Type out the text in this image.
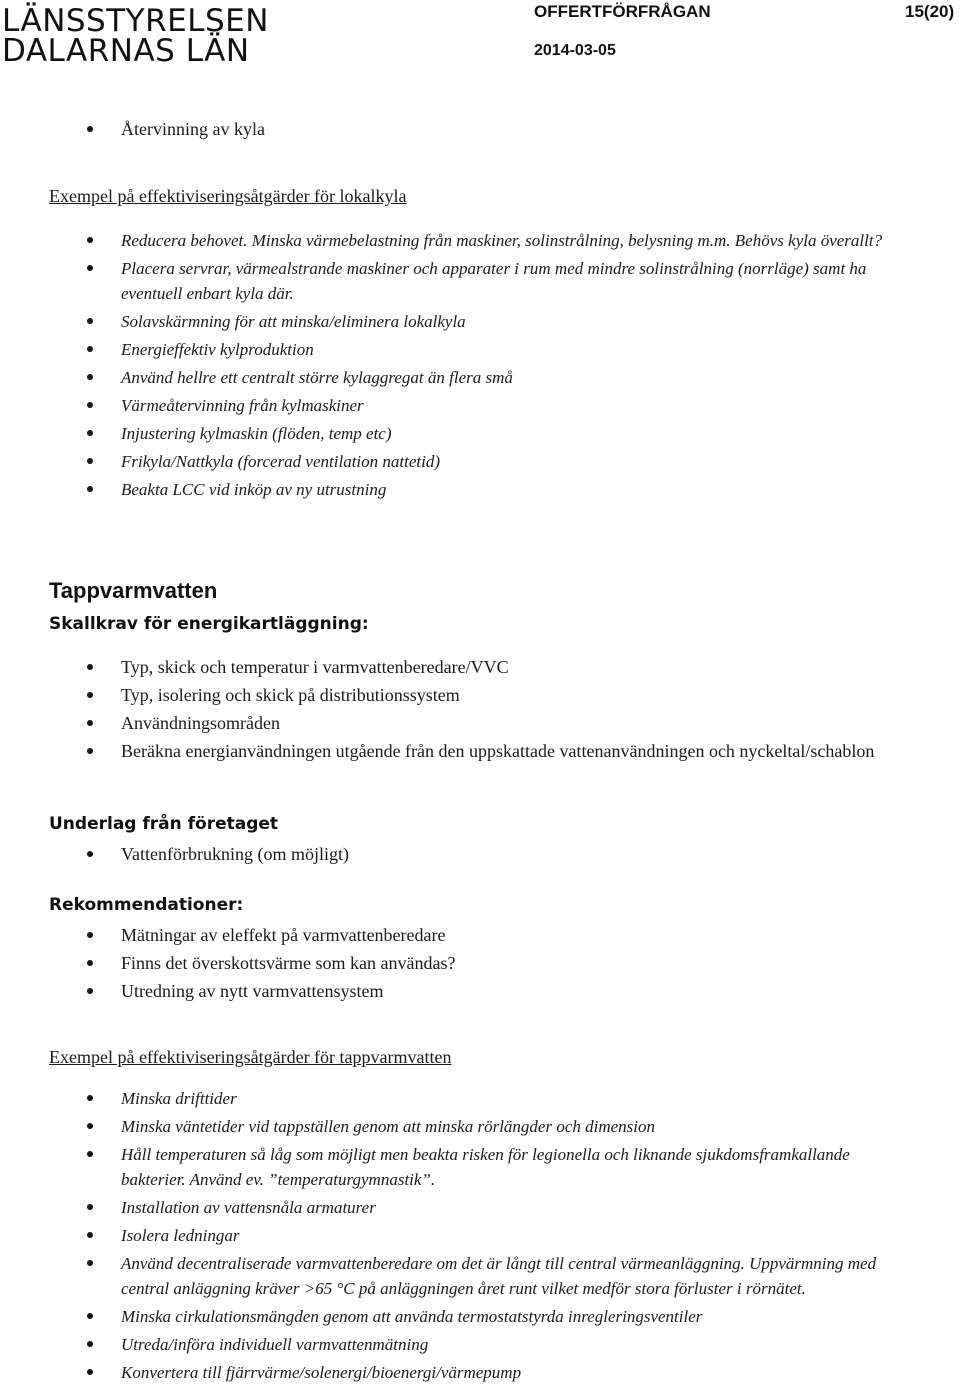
LÄNSSTYRELSEN
DALARNAS LÄN
OFFERTFÖRFRÅGAN	15(20)
2014-03-05
Återvinning av kyla
Exempel på effektiviseringsåtgärder för lokalkyla
Reducera behovet. Minska värmebelastning från maskiner, solinstrålning, belysning m.m. Behövs kyla överallt?
Placera servrar, värmealstrande maskiner och apparater i rum med mindre solinstrålning (norrläge) samt ha eventuell enbart kyla där.
Solavskärmning för att minska/eliminera lokalkyla
Energieffektiv kylproduktion
Använd hellre ett centralt större kylaggregat än flera små
Värmeåtervinning från kylmaskiner
Injustering kylmaskin (flöden, temp etc)
Frikyla/Nattkyla (forcerad ventilation nattetid)
Beakta LCC vid inköp av ny utrustning
Tappvarmvatten
Skallkrav för energikartläggning:
Typ, skick och temperatur i varmvattenberedare/VVC
Typ, isolering och skick på distributionssystem
Användningsområden
Beräkna energianvändningen utgående från den uppskattade vattenanvändningen och nyckeltal/schablon
Underlag från företaget
Vattenförbrukning (om möjligt)
Rekommendationer:
Mätningar av eleffekt på varmvattenberedare
Finns det överskottsvärme som kan användas?
Utredning av nytt varmvattensystem
Exempel på effektiviseringsåtgärder för tappvarmvatten
Minska drifttider
Minska väntetider vid tappställen genom att minska rörlängder och dimension
Håll temperaturen så låg som möjligt men beakta risken för legionella och liknande sjukdomsframkallande bakterier. Använd ev. ”temperaturgymnastik”.
Installation av vattensnåla armaturer
Isolera ledningar
Använd decentraliserade varmvattenberedare om det är långt till central värmeanläggning. Uppvärmning med central anläggning kräver >65 °C på anläggningen året runt vilket medför stora förluster i rörnätet.
Minska cirkulationsmängden genom att använda termostatstyrda inregleringsventiler
Utreda/införa individuell varmvattenmätning
Konvertera till fjärrvärme/solenergi/bioenergi/värmepump
